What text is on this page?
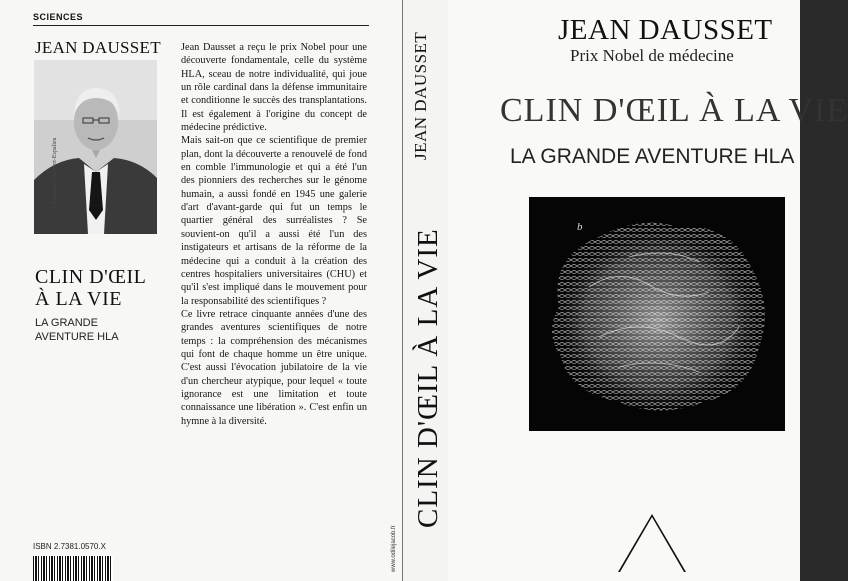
SCIENCES
JEAN DAUSSET
© Emmanuel Robert-Espalieu
CLIN D'ŒIL
À LA VIE
LA GRANDE
AVENTURE HLA

Jean Dausset a reçu le prix Nobel pour une découverte fondamentale, celle du système HLA, sceau de notre individualité, qui joue un rôle cardinal dans la défense immunitaire et conditionne le succès des transplantations. Il est également à l'origine du concept de médecine prédictive.

Mais sait-on que ce scientifique de premier plan, dont la découverte a renouvelé de fond en comble l'immunologie et qui a été l'un des pionniers des recherches sur le génome humain, a aussi fondé en 1945 une galerie d'art d'avant-garde qui fut un temps le quartier général des surréalistes ? Se souvient-on qu'il a aussi été l'un des instigateurs et artisans de la réforme de la médecine qui a conduit à la création des centres hospitaliers universitaires (CHU) et qu'il s'est impliqué dans le mouvement pour la responsabilité des scientifiques ?

Ce livre retrace cinquante années d'une des grandes aventures scientifiques de notre temps : la compréhension des mécanismes qui font de chaque homme un être unique. C'est aussi l'évocation jubilatoire de la vie d'un chercheur atypique, pour lequel « toute ignorance est une limitation et toute connaissance une libération ». C'est enfin un hymne à la diversité.

ISBN 2.7381.0570.X
JEAN DAUSSET
CLIN D'ŒIL À LA VIE
www.odilejacob.fr
JEAN DAUSSET
Prix Nobel de médecine
CLIN D'ŒIL À LA VIE
LA GRANDE AVENTURE HLA
b
